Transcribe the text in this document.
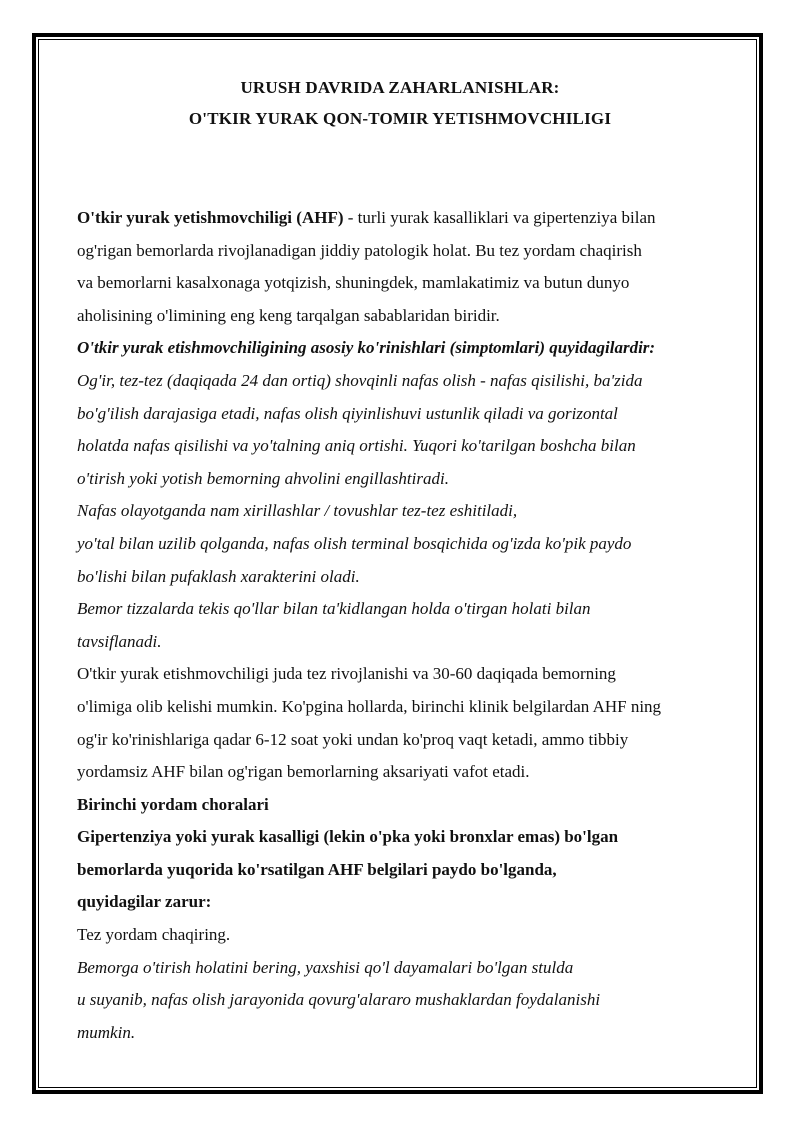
URUSH DAVRIDA ZAHARLANISHLAR:
O'TKIR YURAK QON-TOMIR YETISHMOVCHILIGI
O'tkir yurak yetishmovchiligi (AHF) - turli yurak kasalliklari va gipertenziya bilan
og'rigan bemorlarda rivojlanadigan jiddiy patologik holat. Bu tez yordam chaqirish
va bemorlarni kasalxonaga yotqizish, shuningdek, mamlakatimiz va butun dunyo
aholisining o'limining eng keng tarqalgan sabablaridan biridir.
O'tkir yurak etishmovchiligining asosiy ko'rinishlari (simptomlari) quyidagilardir:
Og'ir, tez-tez (daqiqada 24 dan ortiq) shovqinli nafas olish - nafas qisilishi, ba'zida
bo'g'ilish darajasiga etadi, nafas olish qiyinlishuvi ustunlik qiladi va gorizontal
holatda nafas qisilishi va yo'talning aniq ortishi. Yuqori ko'tarilgan boshcha bilan
o'tirish yoki yotish bemorning ahvolini engillashtiradi.
Nafas olayotganda nam xirillashlar / tovushlar tez-tez eshitiladi,
yo'tal bilan uzilib qolganda, nafas olish terminal bosqichida og'izda ko'pik paydo
bo'lishi bilan pufaklash xarakterini oladi.
Bemor tizzalarda tekis qo'llar bilan ta'kidlangan holda o'tirgan holati bilan
tavsiflanadi.
O'tkir yurak etishmovchiligi juda tez rivojlanishi va 30-60 daqiqada bemorning
o'limiga olib kelishi mumkin. Ko'pgina hollarda, birinchi klinik belgilardan AHF ning
og'ir ko'rinishlariga qadar 6-12 soat yoki undan ko'proq vaqt ketadi, ammo tibbiy
yordamsiz AHF bilan og'rigan bemorlarning aksariyati vafot etadi.
Birinchi yordam choralari
Gipertenziya yoki yurak kasalligi (lekin o'pka yoki bronxlar emas) bo'lgan
bemorlarda yuqorida ko'rsatilgan AHF belgilari paydo bo'lganda,
quyidagilar zarur:
Tez yordam chaqiring.
Bemorga o'tirish holatini bering, yaxshisi qo'l dayamalari bo'lgan stulda
u suyanib, nafas olish jarayonida qovurg'alararo mushaklardan foydalanishi
mumkin.
